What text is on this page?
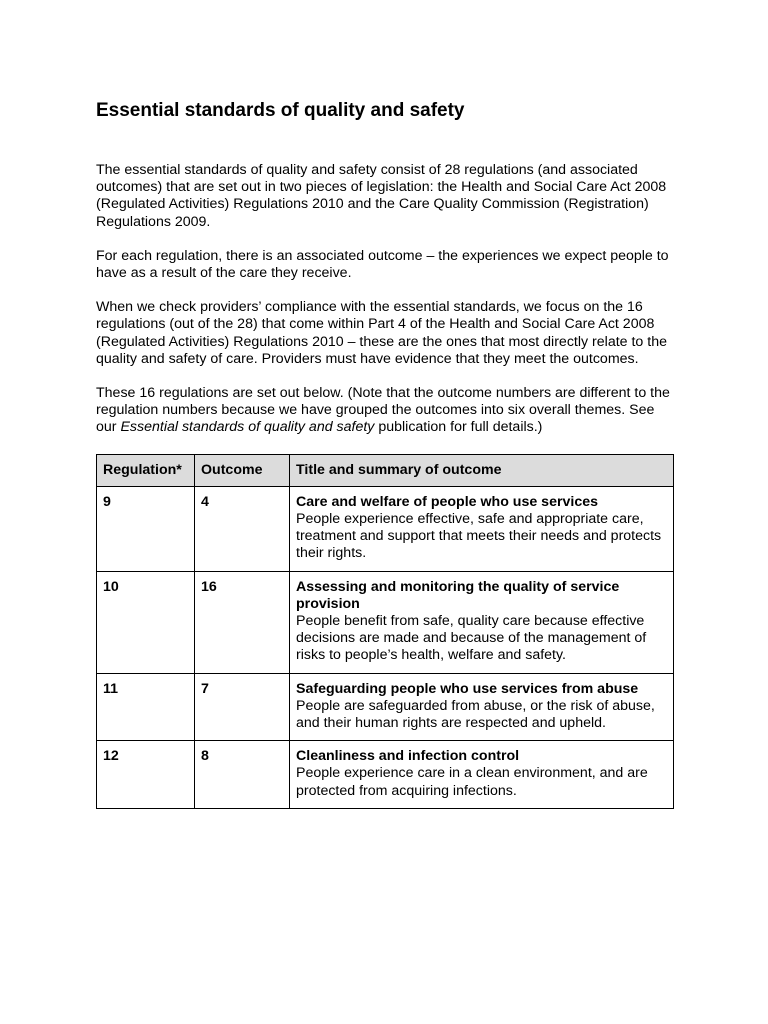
Essential standards of quality and safety

The essential standards of quality and safety consist of 28 regulations (and associated outcomes) that are set out in two pieces of legislation: the Health and Social Care Act 2008 (Regulated Activities) Regulations 2010 and the Care Quality Commission (Registration) Regulations 2009.

For each regulation, there is an associated outcome – the experiences we expect people to have as a result of the care they receive.

When we check providers’ compliance with the essential standards, we focus on the 16 regulations (out of the 28) that come within Part 4 of the Health and Social Care Act 2008 (Regulated Activities) Regulations 2010 – these are the ones that most directly relate to the quality and safety of care. Providers must have evidence that they meet the outcomes.

These 16 regulations are set out below. (Note that the outcome numbers are different to the regulation numbers because we have grouped the outcomes into six overall themes. See our Essential standards of quality and safety publication for full details.)

Regulation*	Outcome	Title and summary of outcome
9	4	Care and welfare of people who use services
People experience effective, safe and appropriate care, treatment and support that meets their needs and protects their rights.

10	16	Assessing and monitoring the quality of service provision
People benefit from safe, quality care because effective decisions are made and because of the management of risks to people’s health, welfare and safety.

11	7	Safeguarding people who use services from abuse
People are safeguarded from abuse, or the risk of abuse, and their human rights are respected and upheld.

12	8	Cleanliness and infection control
People experience care in a clean environment, and are protected from acquiring infections.
